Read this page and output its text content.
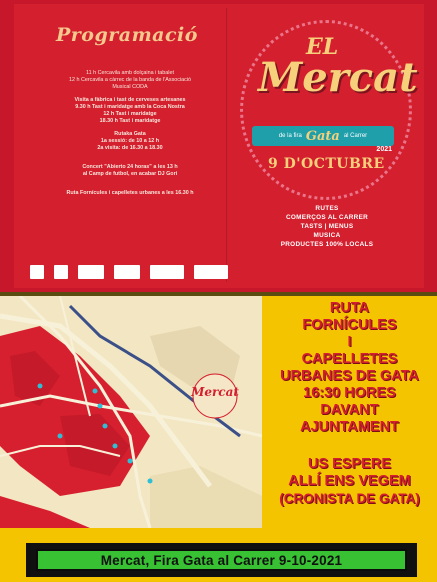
Programació
11 h Cercavila amb dolçaina i tabalet
12 h Cercavila a càrrec de la banda de l'Associació
Musical CODA
Visita a fàbrica i tast de cerveses artesanes
9.30 h Tast i maridatge amb la Coca Nostra
12 h Tast i maridatge
18.30 h Tast i maridatge
Rutaka Gata
1a sessió: de 10 a 12 h
2a visita: de 16.30 a 18.30
Concert "Abierto 24 horas" a les 13 h
al Camp de futbol, en acabar DJ Gori
Ruta Fornícules i capelletes urbanes a les 16.30 h
EL
Mercat
de la fira Gata al Carrer
2021
9 D'OCTUBRE
RUTES
COMERÇOS AL CARRER
TASTS | MENUS
MUSICA
PRODUCTES 100% LOCALS
Mercat
RUTA
FORNÍCULES
I
CAPELLETES
URBANES DE GATA
16:30 HORES
DAVANT
AJUNTAMENT
US ESPERE
ALLÍ ENS VEGEM
(CRONISTA DE GATA)
Mercat, Fira Gata al Carrer 9-10-2021
